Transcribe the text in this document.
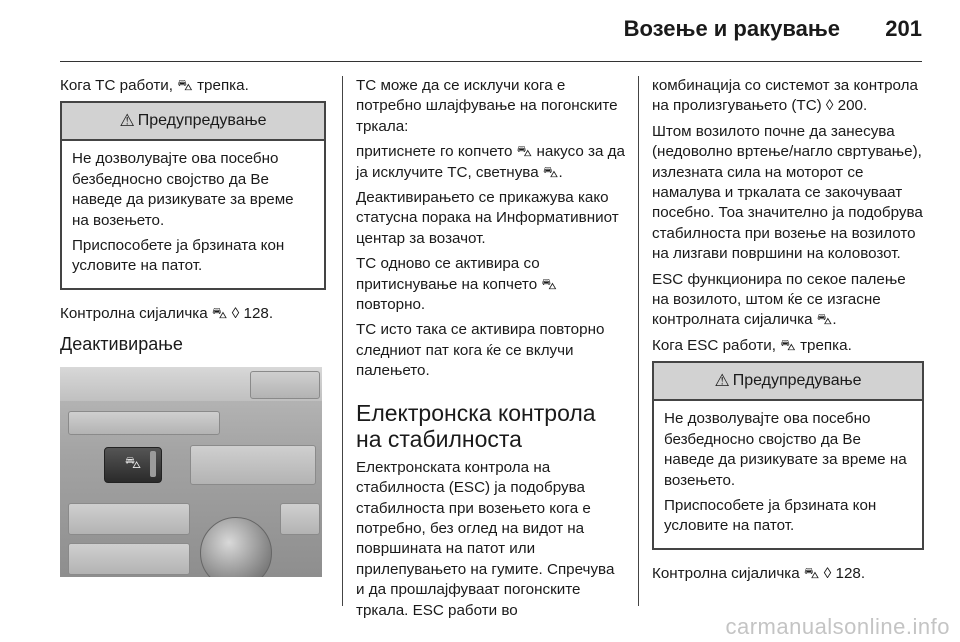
Возење и ракување 201

Кога TC работи, ⛍ трепка.

⚠ Предупредување

Не дозволувајте ова посебно безбедносно својство да Ве наведе да ризикувате за време на возењето.

Приспособете ја брзината кон условите на патот.

Контролна сијаличка ⛍ ◊ 128.

Деактивирање
⛍

TC може да се исклучи кога е потребно шлајфување на погонските тркала:

притиснете го копчето ⛍ накусо за да ја исклучите TC, светнува ⛍.

Деактивирањето се прикажува како статусна порака на Информативниот центар за возачот.

TC одново се активира со притиснување на копчето ⛍ повторно.

TC исто така се активира повторно следниот пат кога ќе се вклучи палењето.

Електронска контрола на стабилноста

Електронската контрола на стабилноста (ESC) ја подобрува стабилноста при возењето кога е потребно, без оглед на видот на површината на патот или прилепувањето на гумите. Спречува и да прошлајфуваат погонските тркала. ESC работи во

комбинација со системот за контрола на пролизгувањето (TC) ◊ 200.

Штом возилото почне да занесува (недоволно вртење/нагло свртување), излезната сила на моторот се намалува и тркалата се закочуваат посебно. Тоа значително ја подобрува стабилноста при возење на возилото на лизгави површини на коловозот.

ESC функционира по секое палење на возилото, штом ќе се изгасне контролната сијаличка ⛍.

Кога ESC работи, ⛍ трепка.

⚠ Предупредување

Не дозволувајте ова посебно безбедносно својство да Ве наведе да ризикувате за време на возењето.

Приспособете ја брзината кон условите на патот.

Контролна сијаличка ⛍ ◊ 128.

carmanualsonline.info
